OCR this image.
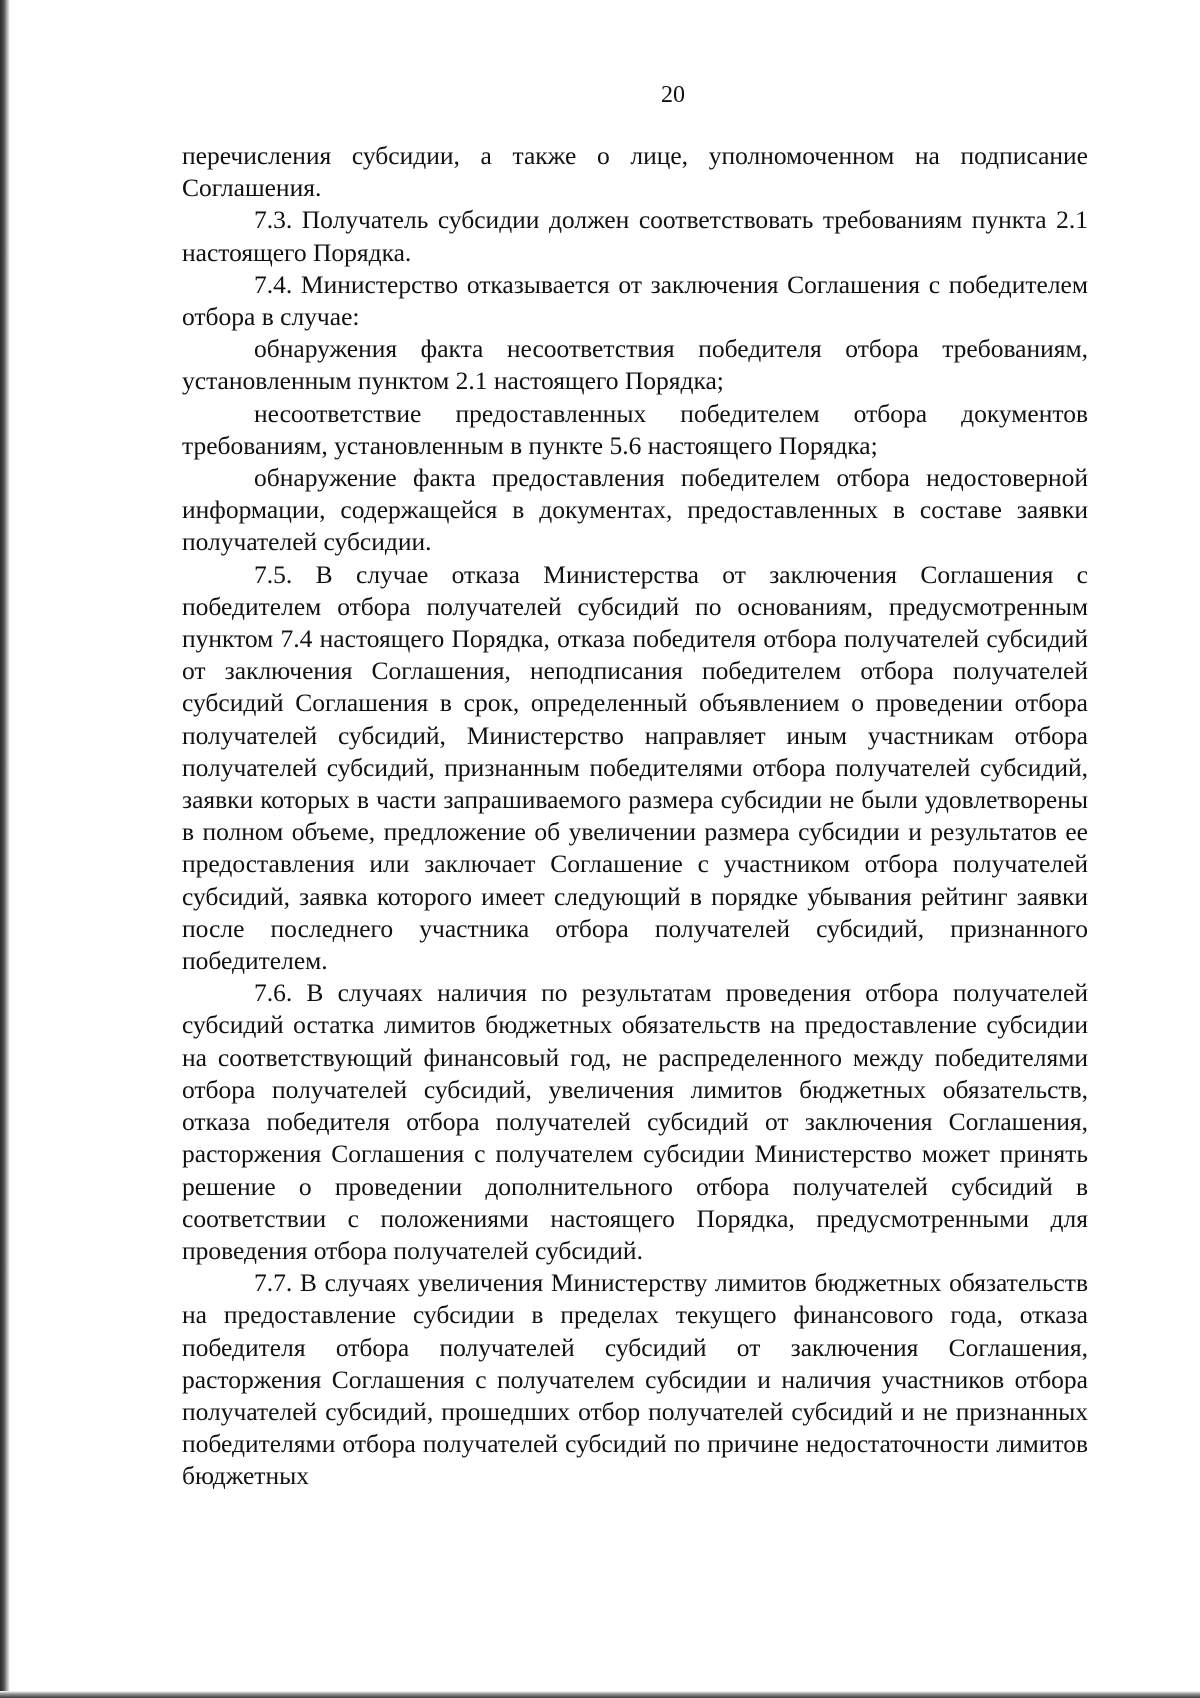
20

перечисления субсидии, а также о лице, уполномоченном на подписание Соглашения.

7.3. Получатель субсидии должен соответствовать требованиям пункта 2.1 настоящего Порядка.

7.4. Министерство отказывается от заключения Соглашения с победителем отбора в случае:

обнаружения факта несоответствия победителя отбора требованиям, установленным пунктом 2.1 настоящего Порядка;

несоответствие предоставленных победителем отбора документов требованиям, установленным в пункте 5.6 настоящего Порядка;

обнаружение факта предоставления победителем отбора недостоверной информации, содержащейся в документах, предоставленных в составе заявки получателей субсидии.

7.5. В случае отказа Министерства от заключения Соглашения с победителем отбора получателей субсидий по основаниям, предусмотренным пунктом 7.4 настоящего Порядка, отказа победителя отбора получателей субсидий от заключения Соглашения, неподписания победителем отбора получателей субсидий Соглашения в срок, определенный объявлением о проведении отбора получателей субсидий, Министерство направляет иным участникам отбора получателей субсидий, признанным победителями отбора получателей субсидий, заявки которых в части запрашиваемого размера субсидии не были удовлетворены в полном объеме, предложение об увеличении размера субсидии и результатов ее предоставления или заключает Соглашение с участником отбора получателей субсидий, заявка которого имеет следующий в порядке убывания рейтинг заявки после последнего участника отбора получателей субсидий, признанного победителем.

7.6. В случаях наличия по результатам проведения отбора получателей субсидий остатка лимитов бюджетных обязательств на предоставление субсидии на соответствующий финансовый год, не распределенного между победителями отбора получателей субсидий, увеличения лимитов бюджетных обязательств, отказа победителя отбора получателей субсидий от заключения Соглашения, расторжения Соглашения с получателем субсидии Министерство может принять решение о проведении дополнительного отбора получателей субсидий в соответствии с положениями настоящего Порядка, предусмотренными для проведения отбора получателей субсидий.

7.7. В случаях увеличения Министерству лимитов бюджетных обязательств на предоставление субсидии в пределах текущего финансового года, отказа победителя отбора получателей субсидий от заключения Соглашения, расторжения Соглашения с получателем субсидии и наличия участников отбора получателей субсидий, прошедших отбор получателей субсидий и не признанных победителями отбора получателей субсидий по причине недостаточности лимитов бюджетных
